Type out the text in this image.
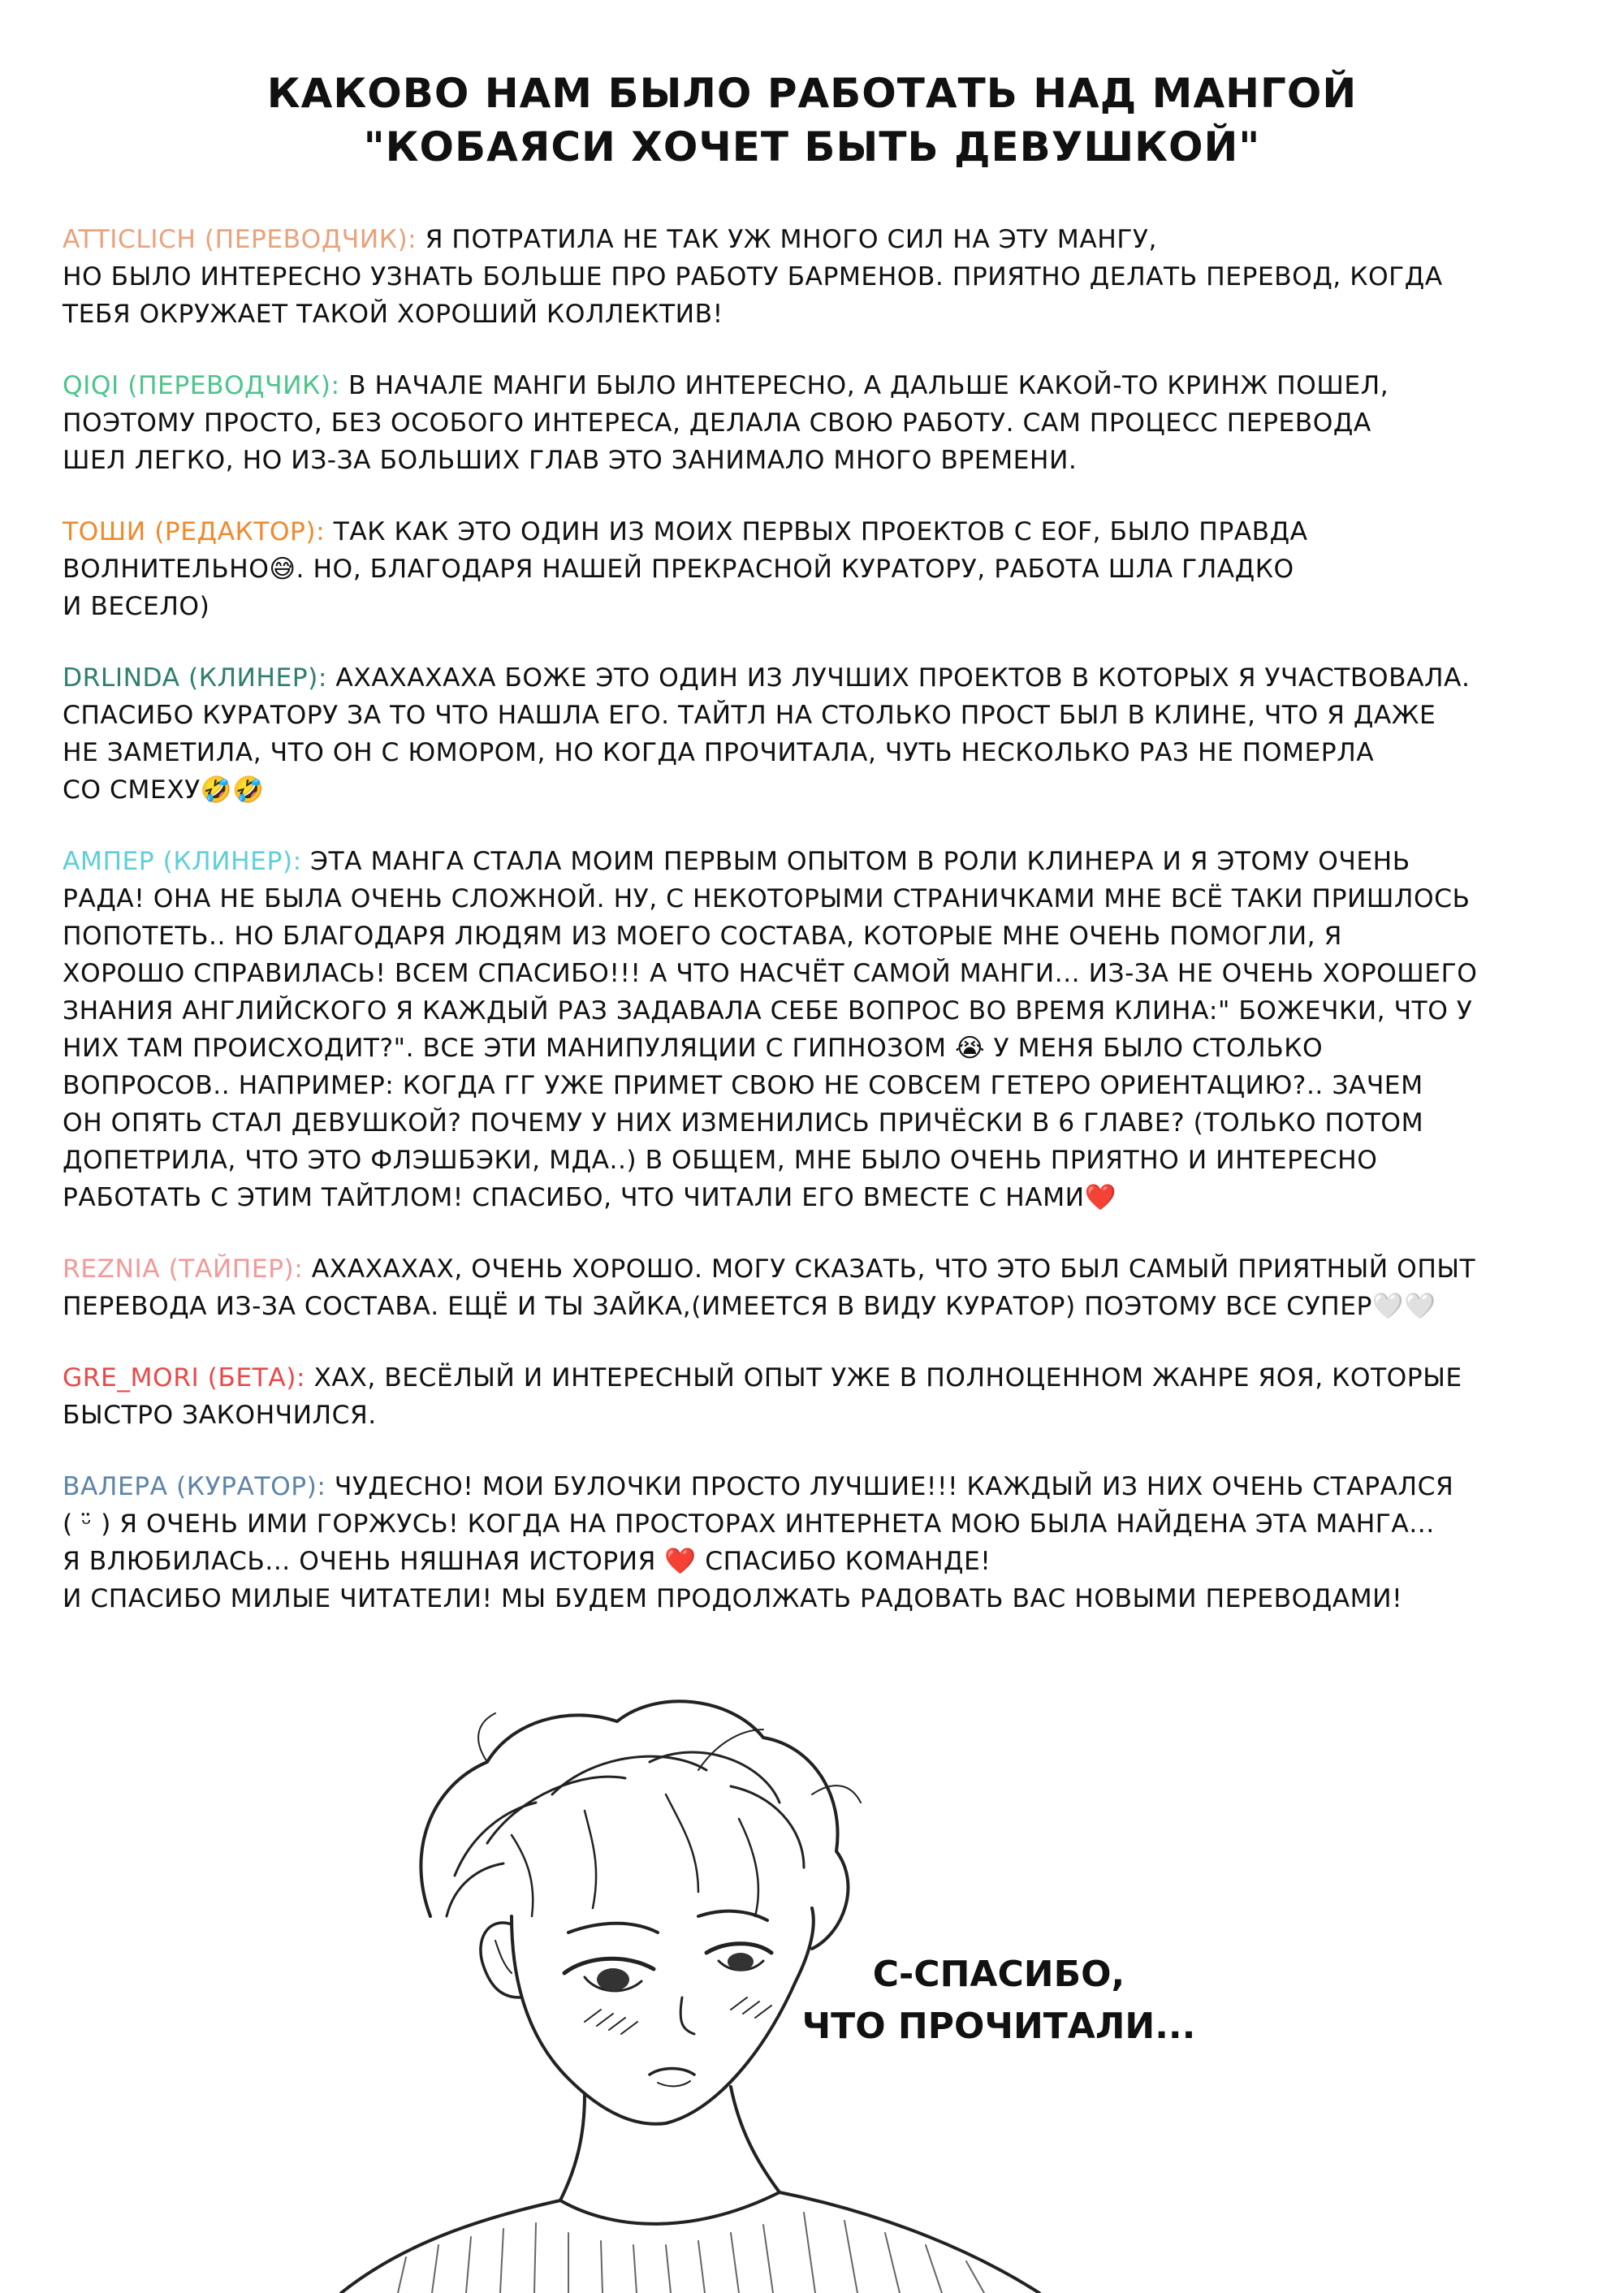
КАКОВО НАМ БЫЛО РАБОТАТЬ НАД МАНГОЙ
"КОБАЯСИ ХОЧЕТ БЫТЬ ДЕВУШКОЙ"
ATTICLICH (ПЕРЕВОДЧИК): Я ПОТРАТИЛА НЕ ТАК УЖ МНОГО СИЛ НА ЭТУ МАНГУ,
НО БЫЛО ИНТЕРЕСНО УЗНАТЬ БОЛЬШЕ ПРО РАБОТУ БАРМЕНОВ. ПРИЯТНО ДЕЛАТЬ ПЕРЕВОД, КОГДА
ТЕБЯ ОКРУЖАЕТ ТАКОЙ ХОРОШИЙ КОЛЛЕКТИВ!
QIQI (ПЕРЕВОДЧИК): В НАЧАЛЕ МАНГИ БЫЛО ИНТЕРЕСНО, А ДАЛЬШЕ КАКОЙ-ТО КРИНЖ ПОШЕЛ,
ПОЭТОМУ ПРОСТО, БЕЗ ОСОБОГО ИНТЕРЕСА, ДЕЛАЛА СВОЮ РАБОТУ. САМ ПРОЦЕСС ПЕРЕВОДА
ШЕЛ ЛЕГКО, НО ИЗ-ЗА БОЛЬШИХ ГЛАВ ЭТО ЗАНИМАЛО МНОГО ВРЕМЕНИ.
ТОШИ (РЕДАКТОР): ТАК КАК ЭТО ОДИН ИЗ МОИХ ПЕРВЫХ ПРОЕКТОВ С EOF, БЫЛО ПРАВДА
ВОЛНИТЕЛЬНО😅. НО, БЛАГОДАРЯ НАШЕЙ ПРЕКРАСНОЙ КУРАТОРУ, РАБОТА ШЛА ГЛАДКО
И ВЕСЕЛО)
DRLINDA (КЛИНЕР): АХАХАХАХА БОЖЕ ЭТО ОДИН ИЗ ЛУЧШИХ ПРОЕКТОВ В КОТОРЫХ Я УЧАСТВОВАЛА.
СПАСИБО КУРАТОРУ ЗА ТО ЧТО НАШЛА ЕГО. ТАЙТЛ НА СТОЛЬКО ПРОСТ БЫЛ В КЛИНЕ, ЧТО Я ДАЖЕ
НЕ ЗАМЕТИЛА, ЧТО ОН С ЮМОРОМ, НО КОГДА ПРОЧИТАЛА, ЧУТЬ НЕСКОЛЬКО РАЗ НЕ ПОМЕРЛА
СО СМЕХУ🤣🤣
АМПЕР (КЛИНЕР): ЭТА МАНГА СТАЛА МОИМ ПЕРВЫМ ОПЫТОМ В РОЛИ КЛИНЕРА И Я ЭТОМУ ОЧЕНЬ
РАДА! ОНА НЕ БЫЛА ОЧЕНЬ СЛОЖНОЙ. НУ, С НЕКОТОРЫМИ СТРАНИЧКАМИ МНЕ ВСЁ ТАКИ ПРИШЛОСЬ
ПОПОТЕТЬ.. НО БЛАГОДАРЯ ЛЮДЯМ ИЗ МОЕГО СОСТАВА, КОТОРЫЕ МНЕ ОЧЕНЬ ПОМОГЛИ, Я
ХОРОШО СПРАВИЛАСЬ! ВСЕМ СПАСИБО!!! А ЧТО НАСЧЁТ САМОЙ МАНГИ... ИЗ-ЗА НЕ ОЧЕНЬ ХОРОШЕГО
ЗНАНИЯ АНГЛИЙСКОГО Я КАЖДЫЙ РАЗ ЗАДАВАЛА СЕБЕ ВОПРОС ВО ВРЕМЯ КЛИНА:" БОЖЕЧКИ, ЧТО У
НИХ ТАМ ПРОИСХОДИТ?". ВСЕ ЭТИ МАНИПУЛЯЦИИ С ГИПНОЗОМ 😭 У МЕНЯ БЫЛО СТОЛЬКО
ВОПРОСОВ.. НАПРИМЕР: КОГДА ГГ УЖЕ ПРИМЕТ СВОЮ НЕ СОВСЕМ ГЕТЕРО ОРИЕНТАЦИЮ?.. ЗАЧЕМ
ОН ОПЯТЬ СТАЛ ДЕВУШКОЙ? ПОЧЕМУ У НИХ ИЗМЕНИЛИСЬ ПРИЧЁСКИ В 6 ГЛАВЕ? (ТОЛЬКО ПОТОМ
ДОПЕТРИЛА, ЧТО ЭТО ФЛЭШБЭКИ, МДА..) В ОБЩЕМ, МНЕ БЫЛО ОЧЕНЬ ПРИЯТНО И ИНТЕРЕСНО
РАБОТАТЬ С ЭТИМ ТАЙТЛОМ! СПАСИБО, ЧТО ЧИТАЛИ ЕГО ВМЕСТЕ С НАМИ❤️
REZNIA (ТАЙПЕР): АХАХАХАХ, ОЧЕНЬ ХОРОШО. МОГУ СКАЗАТЬ, ЧТО ЭТО БЫЛ САМЫЙ ПРИЯТНЫЙ ОПЫТ
ПЕРЕВОДА ИЗ-ЗА СОСТАВА. ЕЩЁ И ТЫ ЗАЙКА,(ИМЕЕТСЯ В ВИДУ КУРАТОР) ПОЭТОМУ ВСЕ СУПЕР🤍🤍
GRE_MORI (БЕТА): ХАХ, ВЕСЁЛЫЙ И ИНТЕРЕСНЫЙ ОПЫТ УЖЕ В ПОЛНОЦЕННОМ ЖАНРЕ ЯОЯ, КОТОРЫЕ
БЫСТРО ЗАКОНЧИЛСЯ.
ВАЛЕРА (КУРАТОР): ЧУДЕСНО! МОИ БУЛОЧКИ ПРОСТО ЛУЧШИЕ!!! КАЖДЫЙ ИЗ НИХ ОЧЕНЬ СТАРАЛСЯ
( ᵕ̈ ) Я ОЧЕНЬ ИМИ ГОРЖУСЬ! КОГДА НА ПРОСТОРАХ ИНТЕРНЕТА МОЮ БЫЛА НАЙДЕНА ЭТА МАНГА...
Я ВЛЮБИЛАСЬ... ОЧЕНЬ НЯШНАЯ ИСТОРИЯ ❤️ СПАСИБО КОМАНДЕ!
И СПАСИБО МИЛЫЕ ЧИТАТЕЛИ! МЫ БУДЕМ ПРОДОЛЖАТЬ РАДОВАТЬ ВАС НОВЫМИ ПЕРЕВОДАМИ!
С-СПАСИБО,
ЧТО ПРОЧИТАЛИ...
